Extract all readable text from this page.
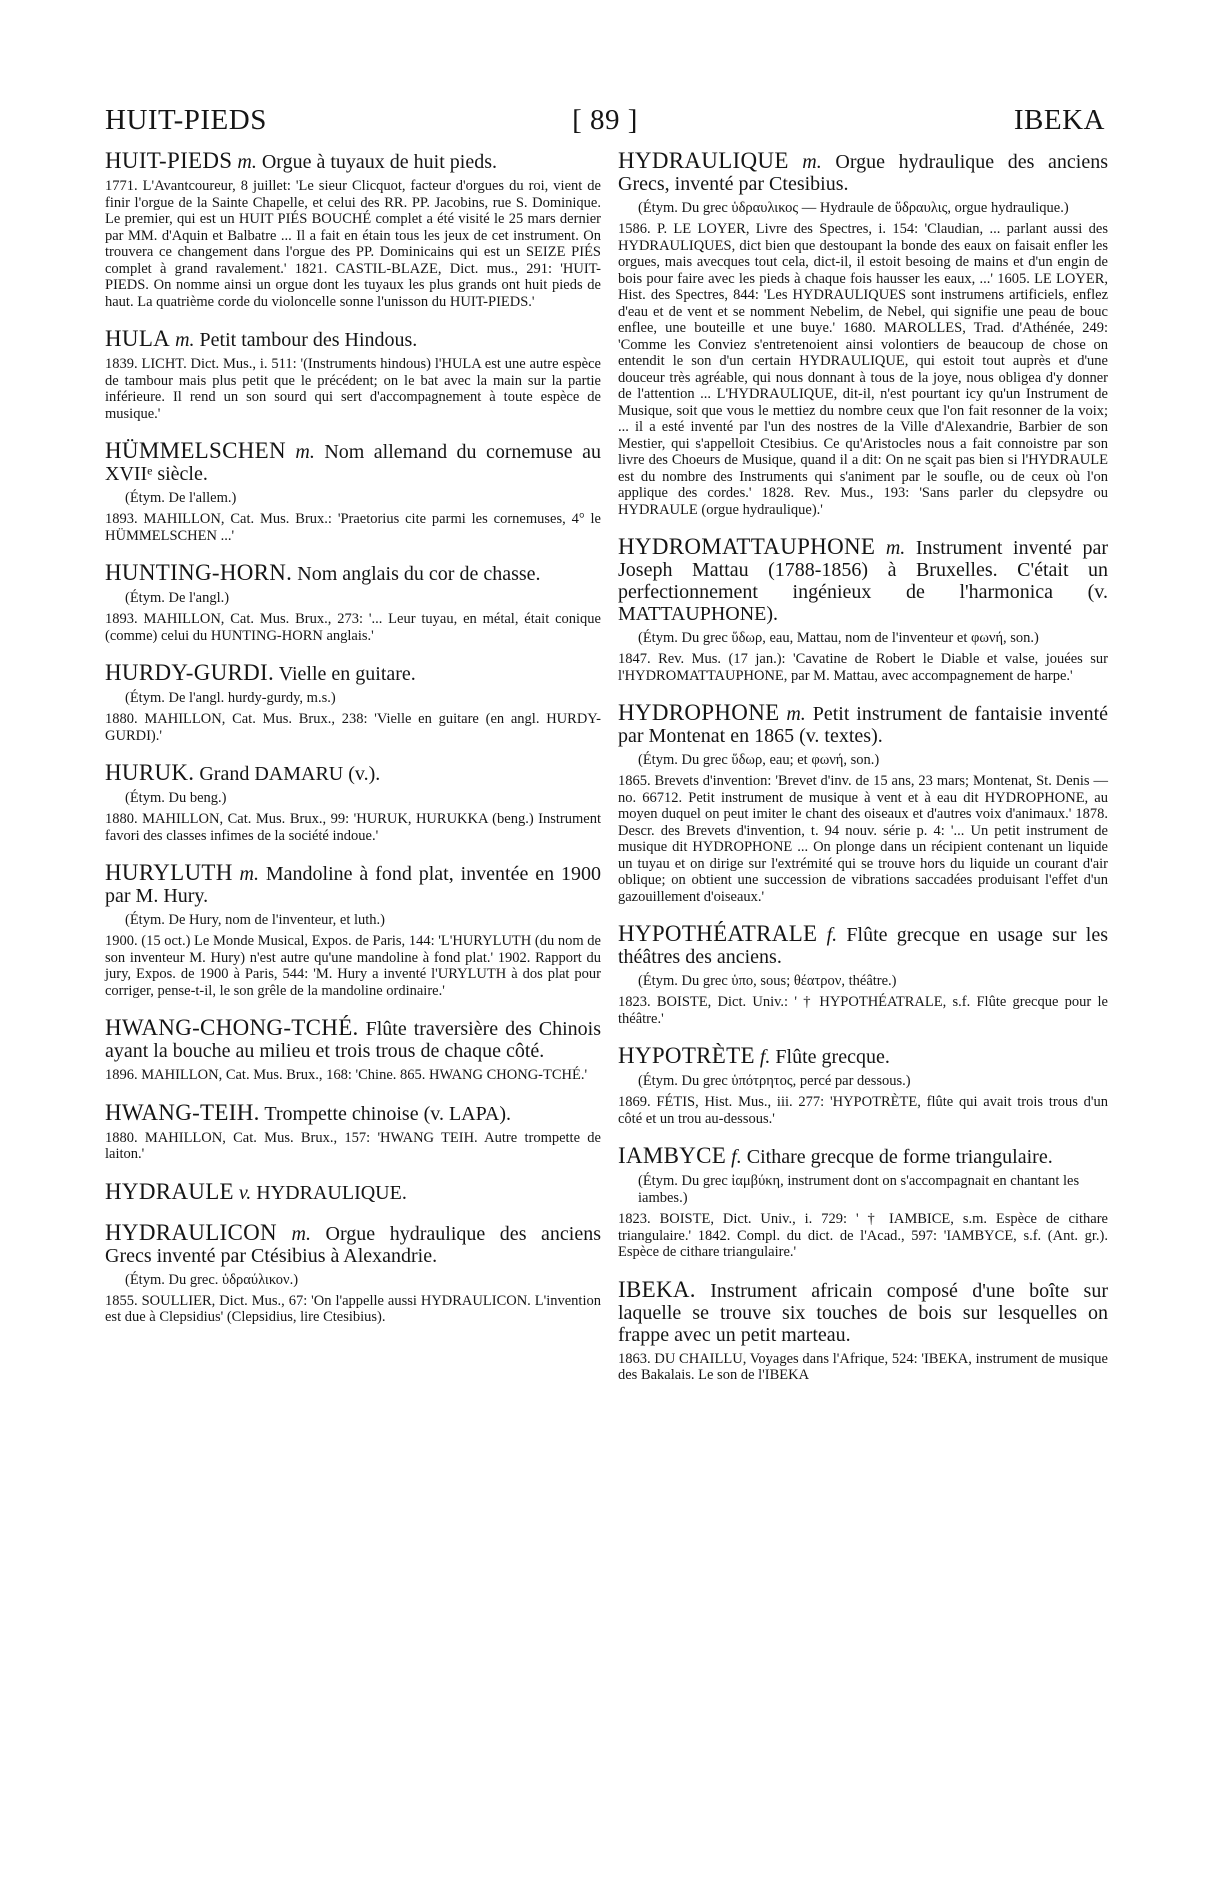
HUIT-PIEDS	[ 89 ]	IBEKA
HUIT-PIEDS m. Orgue à tuyaux de huit pieds.
1771. L'Avantcoureur, 8 juillet: 'Le sieur Clicquot, facteur d'orgues du roi, vient de finir l'orgue de la Sainte Chapelle, et celui des RR. PP. Jacobins, rue S. Dominique. Le premier, qui est un HUIT PIÉS BOUCHÉ complet a été visité le 25 mars dernier par MM. d'Aquin et Balbatre ... Il a fait en étain tous les jeux de cet instrument. On trouvera ce changement dans l'orgue des PP. Dominicains qui est un SEIZE PIÉS complet à grand ravalement.' 1821. CASTIL-BLAZE, Dict. mus., 291: 'HUIT-PIEDS. On nomme ainsi un orgue dont les tuyaux les plus grands ont huit pieds de haut. La quatrième corde du violoncelle sonne l'unisson du HUIT-PIEDS.'
HULA m. Petit tambour des Hindous.
1839. LICHT. Dict. Mus., i. 511: '(Instruments hindous) l'HULA est une autre espèce de tambour mais plus petit que le précédent; on le bat avec la main sur la partie inférieure. Il rend un son sourd qui sert d'accompagnement à toute espèce de musique.'
HÜMMELSCHEN m. Nom allemand du cornemuse au XVIIᵉ siècle.
(Étym. De l'allem.)
1893. MAHILLON, Cat. Mus. Brux.: 'Praetorius cite parmi les cornemuses, 4° le HÜMMELSCHEN ...'
HUNTING-HORN. Nom anglais du cor de chasse.
(Étym. De l'angl.)
1893. MAHILLON, Cat. Mus. Brux., 273: '... Leur tuyau, en métal, était conique (comme) celui du HUNTING-HORN anglais.'
HURDY-GURDI. Vielle en guitare.
(Étym. De l'angl. hurdy-gurdy, m.s.)
1880. MAHILLON, Cat. Mus. Brux., 238: 'Vielle en guitare (en angl. HURDY-GURDI).'
HURUK. Grand DAMARU (v.).
(Étym. Du beng.)
1880. MAHILLON, Cat. Mus. Brux., 99: 'HURUK, HURUKKA (beng.) Instrument favori des classes infimes de la société indoue.'
HURYLUTH m. Mandoline à fond plat, inventée en 1900 par M. Hury.
(Étym. De Hury, nom de l'inventeur, et luth.)
1900. (15 oct.) Le Monde Musical, Expos. de Paris, 144: 'L'HURYLUTH (du nom de son inventeur M. Hury) n'est autre qu'une mandoline à fond plat.' 1902. Rapport du jury, Expos. de 1900 à Paris, 544: 'M. Hury a inventé l'URYLUTH à dos plat pour corriger, pense-t-il, le son grêle de la mandoline ordinaire.'
HWANG-CHONG-TCHÉ. Flûte traversière des Chinois ayant la bouche au milieu et trois trous de chaque côté.
1896. MAHILLON, Cat. Mus. Brux., 168: 'Chine. 865. HWANG CHONG-TCHÉ.'
HWANG-TEIH. Trompette chinoise (v. LAPA).
1880. MAHILLON, Cat. Mus. Brux., 157: 'HWANG TEIH. Autre trompette de laiton.'
HYDRAULE v. HYDRAULIQUE.
HYDRAULICON m. Orgue hydraulique des anciens Grecs inventé par Ctésibius à Alexandrie.
(Étym. Du grec. ὑδραύλικον.)
1855. SOULLIER, Dict. Mus., 67: 'On l'appelle aussi HYDRAULICON. L'invention est due à Clepsidius' (Clepsidius, lire Ctesibius).
HYDRAULIQUE m. Orgue hydraulique des anciens Grecs, inventé par Ctesibius.
(Étym. Du grec ὑδραυλικος — Hydraule de ὕδραυλις, orgue hydraulique.)
1586. P. LE LOYER, Livre des Spectres, i. 154: 'Claudian, ... parlant aussi des HYDRAULIQUES, dict bien que destoupant la bonde des eaux on faisait enfler les orgues, mais avecques tout cela, dict-il, il estoit besoing de mains et d'un engin de bois pour faire avec les pieds à chaque fois hausser les eaux, ...' 1605. LE LOYER, Hist. des Spectres, 844: 'Les HYDRAULIQUES sont instrumens artificiels, enflez d'eau et de vent et se nomment Nebelim, de Nebel, qui signifie une peau de bouc enflee, une bouteille et une buye.' 1680. MAROLLES, Trad. d'Athénée, 249: 'Comme les Conviez s'entretenoient ainsi volontiers de beaucoup de chose on entendit le son d'un certain HYDRAULIQUE, qui estoit tout auprès et d'une douceur très agréable, qui nous donnant à tous de la joye, nous obligea d'y donner de l'attention ... L'HYDRAULIQUE, dit-il, n'est pourtant icy qu'un Instrument de Musique, soit que vous le mettiez du nombre ceux que l'on fait resonner de la voix; ... il a esté inventé par l'un des nostres de la Ville d'Alexandrie, Barbier de son Mestier, qui s'appelloit Ctesibius. Ce qu'Aristocles nous a fait connoistre par son livre des Choeurs de Musique, quand il a dit: On ne sçait pas bien si l'HYDRAULE est du nombre des Instruments qui s'animent par le soufle, ou de ceux où l'on applique des cordes.' 1828. Rev. Mus., 193: 'Sans parler du clepsydre ou HYDRAULE (orgue hydraulique).'
HYDROMATTAUPHONE m. Instrument inventé par Joseph Mattau (1788-1856) à Bruxelles. C'était un perfectionnement ingénieux de l'harmonica (v. MATTAUPHONE).
(Étym. Du grec ὕδωρ, eau, Mattau, nom de l'inventeur et φωνή, son.)
1847. Rev. Mus. (17 jan.): 'Cavatine de Robert le Diable et valse, jouées sur l'HYDROMATTAUPHONE, par M. Mattau, avec accompagnement de harpe.'
HYDROPHONE m. Petit instrument de fantaisie inventé par Montenat en 1865 (v. textes).
(Étym. Du grec ὕδωρ, eau; et φωνή, son.)
1865. Brevets d'invention: 'Brevet d'inv. de 15 ans, 23 mars; Montenat, St. Denis — no. 66712. Petit instrument de musique à vent et à eau dit HYDROPHONE, au moyen duquel on peut imiter le chant des oiseaux et d'autres voix d'animaux.' 1878. Descr. des Brevets d'invention, t. 94 nouv. série p. 4: '... Un petit instrument de musique dit HYDROPHONE ... On plonge dans un récipient contenant un liquide un tuyau et on dirige sur l'extrémité qui se trouve hors du liquide un courant d'air oblique; on obtient une succession de vibrations saccadées produisant l'effet d'un gazouillement d'oiseaux.'
HYPOTHÉATRALE f. Flûte grecque en usage sur les théâtres des anciens.
(Étym. Du grec ὑπο, sous; θέατρον, théâtre.)
1823. BOISTE, Dict. Univ.: ' † HYPOTHÉATRALE, s.f. Flûte grecque pour le théâtre.'
HYPOTRÈTE f. Flûte grecque.
(Étym. Du grec ὑπότρητος, percé par dessous.)
1869. FÉTIS, Hist. Mus., iii. 277: 'HYPOTRÈTE, flûte qui avait trois trous d'un côté et un trou au-dessous.'
IAMBYCE f. Cithare grecque de forme triangulaire.
(Étym. Du grec ἰαμβύκη, instrument dont on s'accompagnait en chantant les iambes.)
1823. BOISTE, Dict. Univ., i. 729: ' † IAMBICE, s.m. Espèce de cithare triangulaire.' 1842. Compl. du dict. de l'Acad., 597: 'IAMBYCE, s.f. (Ant. gr.). Espèce de cithare triangulaire.'
IBEKA. Instrument africain composé d'une boîte sur laquelle se trouve six touches de bois sur lesquelles on frappe avec un petit marteau.
1863. DU CHAILLU, Voyages dans l'Afrique, 524: 'IBEKA, instrument de musique des Bakalais. Le son de l'IBEKA
